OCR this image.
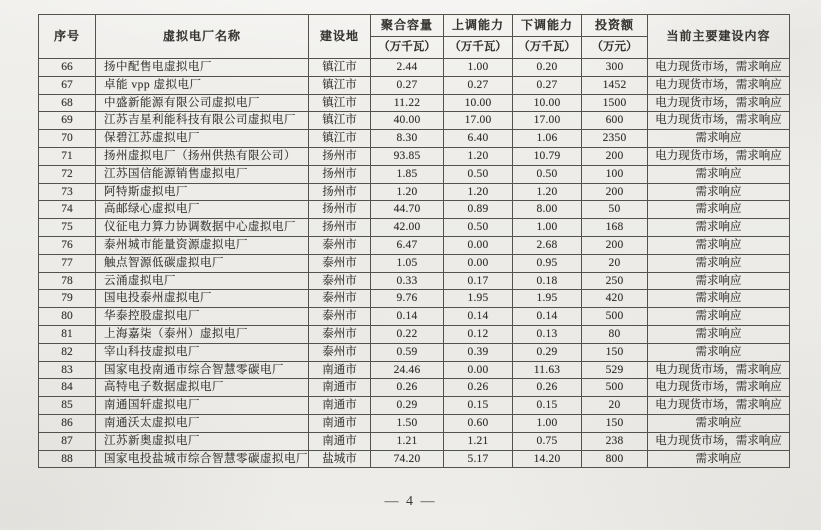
序号	虚拟电厂名称	建设地	聚合容量	上调能力	下调能力	投资额	当前主要建设内容
			（万千瓦）	（万千瓦）	（万千瓦）	（万元）	
66	扬中配售电虚拟电厂	镇江市	2.44	1.00	0.20	300	电力现货市场，需求响应
67	卓能 vpp 虚拟电厂	镇江市	0.27	0.27	0.27	1452	电力现货市场，需求响应
68	中盛新能源有限公司虚拟电厂	镇江市	11.22	10.00	10.00	1500	电力现货市场，需求响应
69	江苏吉星利能科技有限公司虚拟电厂	镇江市	40.00	17.00	17.00	600	电力现货市场，需求响应
70	保碧江苏虚拟电厂	镇江市	8.30	6.40	1.06	2350	需求响应
71	扬州虚拟电厂（扬州供热有限公司）	扬州市	93.85	1.20	10.79	200	电力现货市场，需求响应
72	江苏国信能源销售虚拟电厂	扬州市	1.85	0.50	0.50	100	需求响应
73	阿特斯虚拟电厂	扬州市	1.20	1.20	1.20	200	需求响应
74	高邮绿心虚拟电厂	扬州市	44.70	0.89	8.00	50	需求响应
75	仪征电力算力协调数据中心虚拟电厂	扬州市	42.00	0.50	1.00	168	需求响应
76	泰州城市能量资源虚拟电厂	泰州市	6.47	0.00	2.68	200	需求响应
77	触点智源低碳虚拟电厂	泰州市	1.05	0.00	0.95	20	需求响应
78	云涌虚拟电厂	泰州市	0.33	0.17	0.18	250	需求响应
79	国电投泰州虚拟电厂	泰州市	9.76	1.95	1.95	420	需求响应
80	华泰控股虚拟电厂	泰州市	0.14	0.14	0.14	500	需求响应
81	上海嘉柒（泰州）虚拟电厂	泰州市	0.22	0.12	0.13	80	需求响应
82	宰山科技虚拟电厂	泰州市	0.59	0.39	0.29	150	需求响应
83	国家电投南通市综合智慧零碳电厂	南通市	24.46	0.00	11.63	529	电力现货市场，需求响应
84	高特电子数据虚拟电厂	南通市	0.26	0.26	0.26	500	电力现货市场，需求响应
85	南通国轩虚拟电厂	南通市	0.29	0.15	0.15	20	电力现货市场，需求响应
86	南通沃太虚拟电厂	南通市	1.50	0.60	1.00	150	需求响应
87	江苏新奥虚拟电厂	南通市	1.21	1.21	0.75	238	电力现货市场，需求响应
88	国家电投盐城市综合智慧零碳虚拟电厂	盐城市	74.20	5.17	14.20	800	需求响应
— 4 —
